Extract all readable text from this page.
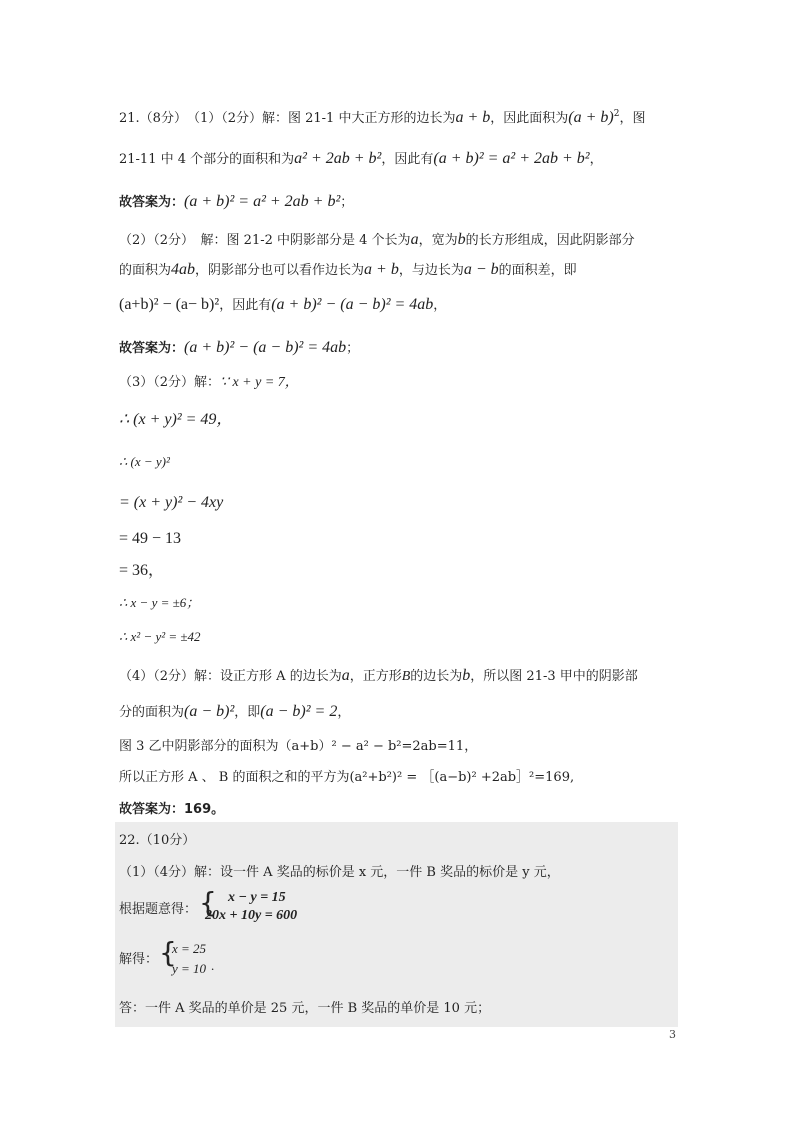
21.（8分）　（1）（2分）解：图 21-1 中大正方形的边长为a + b，因此面积为$(a + b)^2$，图
21-11 中 4 个部分的面积和为a² + 2ab + b²，因此有(a + b)² = a² + 2ab + b²，
故答案为：(a + b)² = a² + 2ab + b²；
（2）（2分）　解：图 21-2 中阴影部分是 4 个长为a，宽为b的长方形组成，因此阴影部分
的面积为4ab，阴影部分也可以看作边长为a + b，与边长为a − b的面积差，即
(a+b)² − (a− b)²，因此有(a + b)² − (a − b)² = 4ab，
故答案为：(a + b)² − (a − b)² = 4ab；
（3）（2分）解：∵ x + y = 7，
∴ (x + y)² = 49，
∴ (x − y)²
= (x + y)² − 4xy
= 49 − 13
= 36，
∴ x − y = ±6；
∴ x² − y² = ±42
（4）（2分）解：设正方形 A 的边长为a，正方形B的边长为b，所以图 21-3 甲中的阴影部
分的面积为(a − b)²，即(a − b)² = 2，
图 3 乙中阴影部分的面积为（a+b）² − a² − b²=2ab=11，
所以正方形 A 、 B 的面积之和的平方为(a²+b²)² = ［(a−b)² +2ab］²=169,
故答案为：169。
22.（10分）
（1）（4分）解：设一件 A 奖品的标价是 x 元，一件 B 奖品的标价是 y 元，
根据题意得： { x − y = 15
20x + 10y = 600
解得： {
x = 25
y = 10 .
答：一件 A 奖品的单价是 25 元，一件 B 奖品的单价是 10 元；
3
